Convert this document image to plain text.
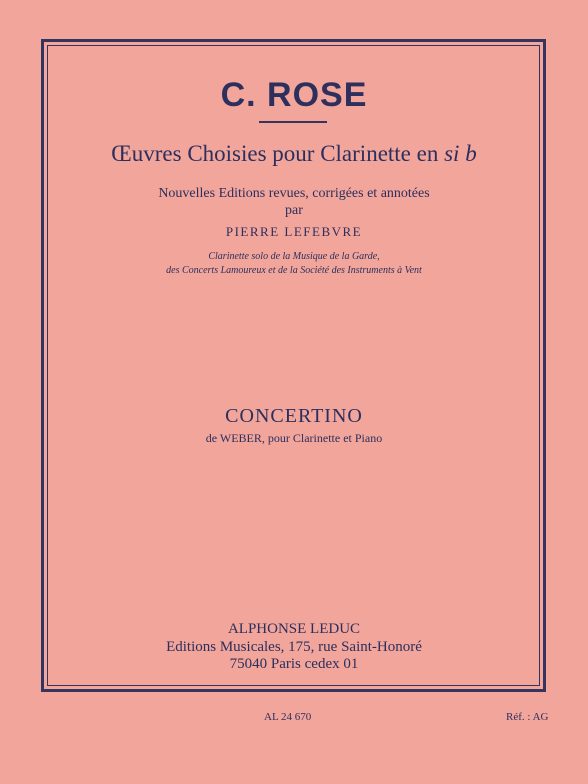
C. ROSE
Œuvres Choisies pour Clarinette en si b
Nouvelles Editions revues, corrigées et annotées
par
PIERRE LEFEBVRE
Clarinette solo de la Musique de la Garde,
des Concerts Lamoureux et de la Société des Instruments à Vent
CONCERTINO
de WEBER, pour Clarinette et Piano
ALPHONSE LEDUC
Editions Musicales, 175, rue Saint-Honoré
75040 Paris cedex 01
AL 24 670	Réf. : AG
